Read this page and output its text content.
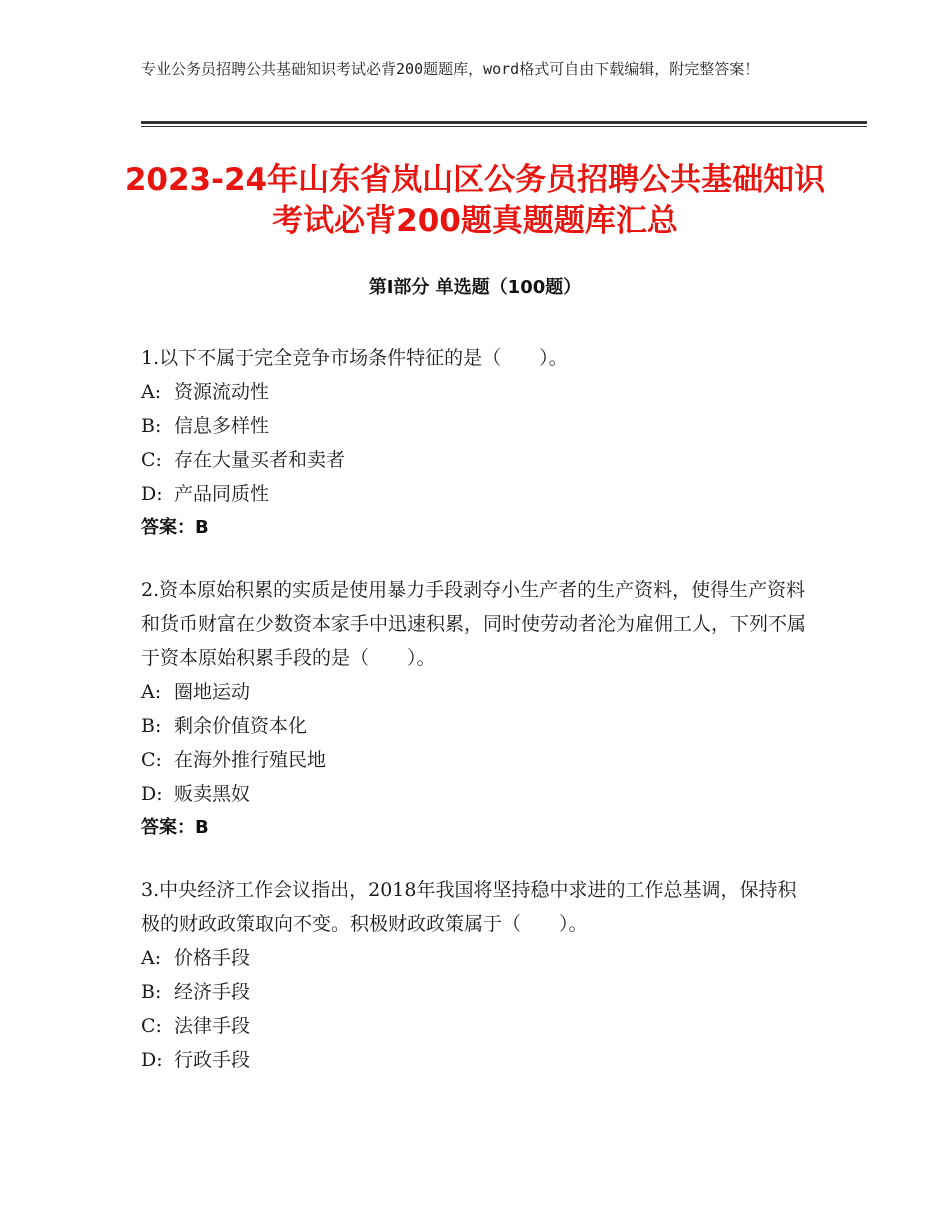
专业公务员招聘公共基础知识考试必背200题题库，word格式可自由下载编辑，附完整答案！
2023-24年山东省岚山区公务员招聘公共基础知识考试必背200题真题题库汇总
第Ⅰ部分 单选题（100题）

1.以下不属于完全竞争市场条件特征的是（　　）。

A: 资源流动性
B: 信息多样性
C: 存在大量买者和卖者
D: 产品同质性
答案：B

2.资本原始积累的实质是使用暴力手段剥夺小生产者的生产资料，使得生产资料和货币财富在少数资本家手中迅速积累，同时使劳动者沦为雇佣工人，下列不属于资本原始积累手段的是（　　）。

A: 圈地运动
B: 剩余价值资本化
C: 在海外推行殖民地
D: 贩卖黑奴
答案：B

3.中央经济工作会议指出，2018年我国将坚持稳中求进的工作总基调，保持积极的财政政策取向不变。积极财政政策属于（　　）。

A: 价格手段
B: 经济手段
C: 法律手段
D: 行政手段
